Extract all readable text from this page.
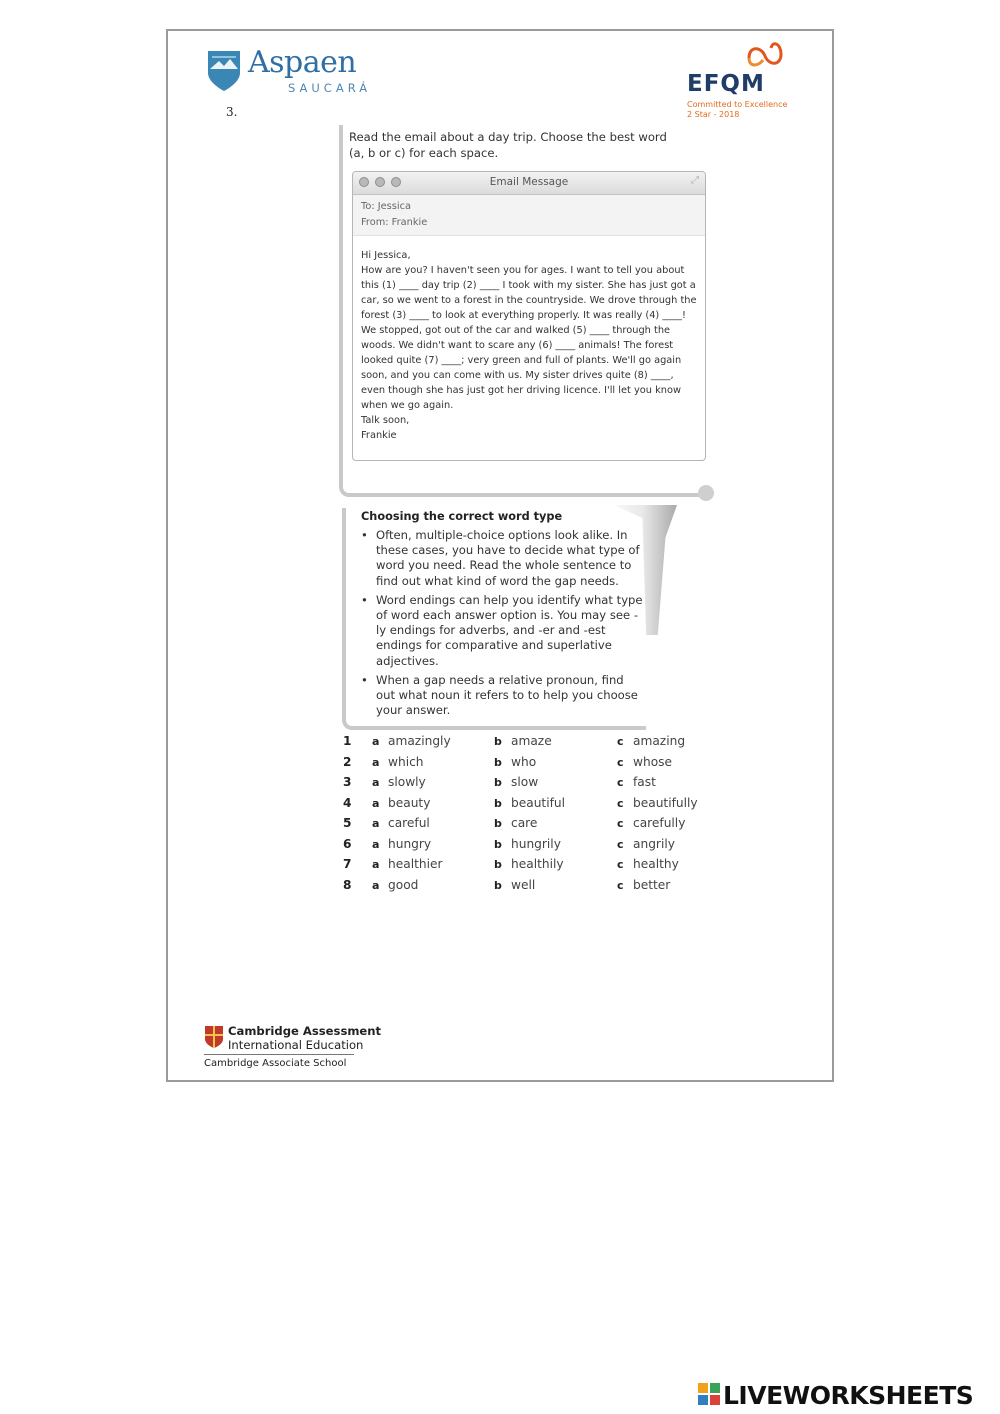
Aspaen
SAUCARÁ
3.
EFQM
Committed to Excellence
2 Star - 2018
Read the email about a day trip. Choose the best word
(a, b or c) for each space.
Email Message	⤢
To: Jessica
From: Frankie

Hi Jessica,

How are you? I haven't seen you for ages. I want to tell you about this (1) ____ day trip (2) ____ I took with my sister. She has just got a car, so we went to a forest in the countryside. We drove through the forest (3) ____ to look at everything properly. It was really (4) ____! We stopped, got out of the car and walked (5) ____ through the woods. We didn't want to scare any (6) ____ animals! The forest looked quite (7) ____; very green and full of plants. We'll go again soon, and you can come with us. My sister drives quite (8) ____, even though she has just got her driving licence. I'll let you know when we go again.

Talk soon,

Frankie

Choosing the correct word type
• Often, multiple-choice options look alike. In these cases, you have to decide what type of word you need. Read the whole sentence to find out what kind of word the gap needs.
• Word endings can help you identify what type of word each answer option is. You may see -ly endings for adverbs, and -er and -est endings for comparative and superlative adjectives.
• When a gap needs a relative pronoun, find out what noun it refers to to help you choose your answer.
1 a amazingly	b amaze	c amazing
2 a which	b who	c whose
3 a slowly	b slow	c fast
4 a beauty	b beautiful	c beautifully
5 a careful	b care	c carefully
6 a hungry	b hungrily	c angrily
7 a healthier	b healthily	c healthy
8 a good	b well	c better
Cambridge Assessment
International Education
Cambridge Associate School
LIVEWORKSHEETS
